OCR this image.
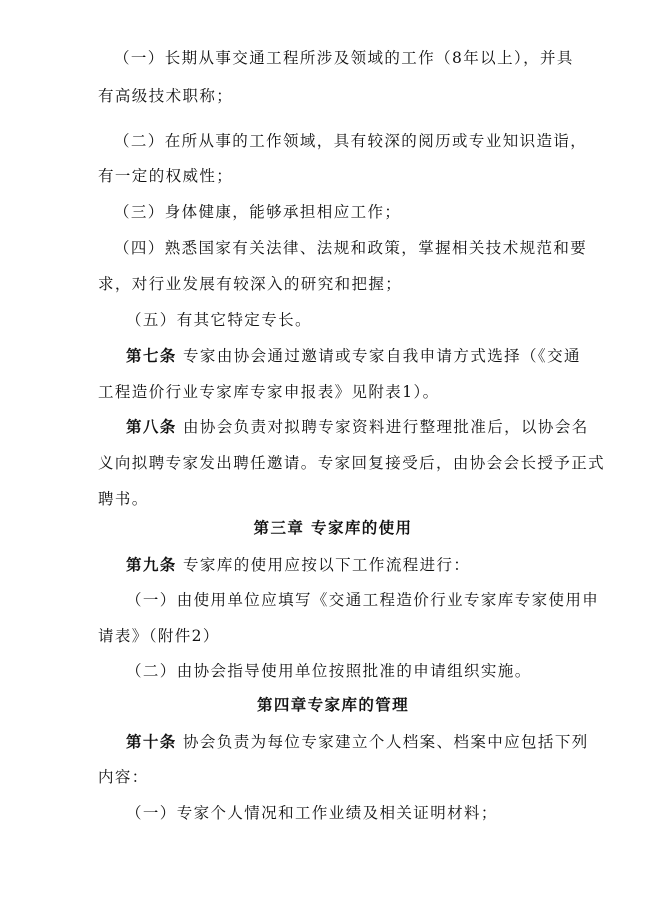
（一）长期从事交通工程所涉及领域的工作（8年以上），并具
有高级技术职称；
（二）在所从事的工作领域，具有较深的阅历或专业知识造诣，
有一定的权威性；
（三）身体健康，能够承担相应工作；
（四）熟悉国家有关法律、法规和政策，掌握相关技术规范和要
求，对行业发展有较深入的研究和把握；
（五）有其它特定专长。
第七条 专家由协会通过邀请或专家自我申请方式选择（《交通
工程造价行业专家库专家申报表》见附表1）。
第八条 由协会负责对拟聘专家资料进行整理批准后，以协会名
义向拟聘专家发出聘任邀请。专家回复接受后，由协会会长授予正式
聘书。
第三章 专家库的使用
第九条 专家库的使用应按以下工作流程进行：
（一）由使用单位应填写《交通工程造价行业专家库专家使用申
请表》（附件2）
（二）由协会指导使用单位按照批准的申请组织实施。
第四章专家库的管理
第十条 协会负责为每位专家建立个人档案、档案中应包括下列
内容：
（一）专家个人情况和工作业绩及相关证明材料；
